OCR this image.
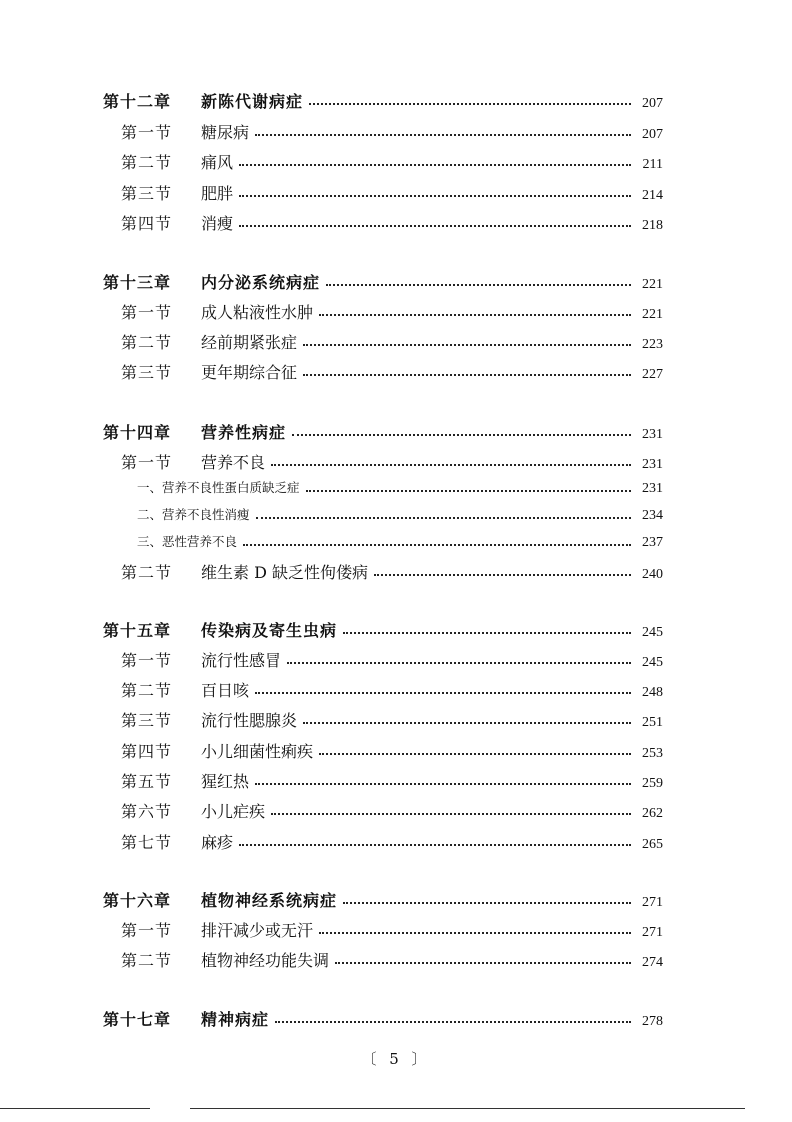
第十二章	新陈代谢病症	207
第一节	糖尿病	207
第二节	痛风	211
第三节	肥胖	214
第四节	消瘦	218
第十三章	内分泌系统病症	221
第一节	成人粘液性水肿	221
第二节	经前期紧张症	223
第三节	更年期综合征	227
第十四章	营养性病症	231
第一节	营养不良	231
一、营养不良性蛋白质缺乏症	231
二、营养不良性消瘦	234
三、恶性营养不良	237
第二节	维生素 D 缺乏性佝偻病	240
第十五章	传染病及寄生虫病	245
第一节	流行性感冒	245
第二节	百日咳	248
第三节	流行性腮腺炎	251
第四节	小儿细菌性痢疾	253
第五节	猩红热	259
第六节	小儿疟疾	262
第七节	麻疹	265
第十六章	植物神经系统病症	271
第一节	排汗减少或无汗	271
第二节	植物神经功能失调	274
第十七章	精神病症	278
〔 5 〕
